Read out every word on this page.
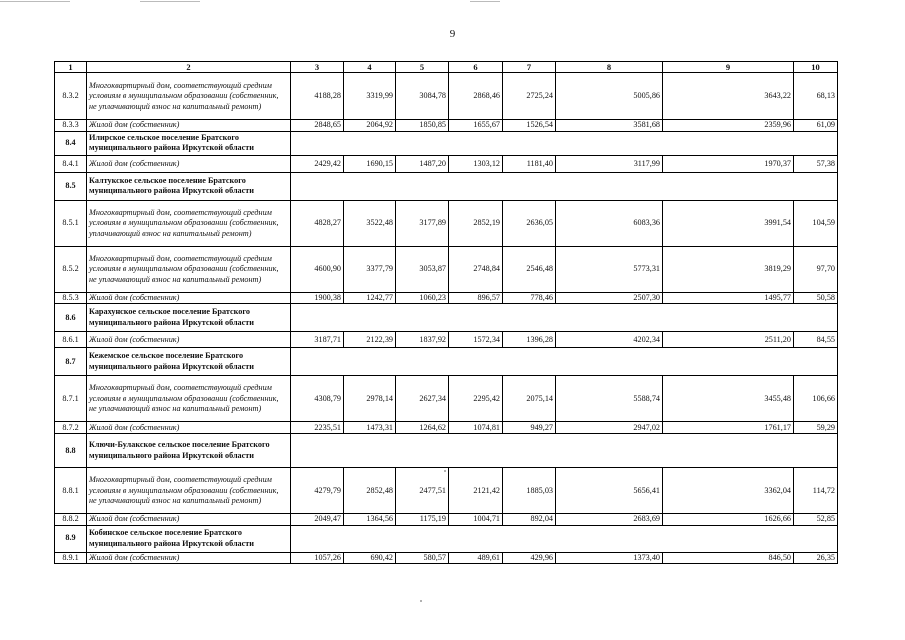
9
1	2	3	4	5	6	7	8	9	10
8.3.2	Многоквартирный дом, соответствующий средним условиям в муниципальном образовании (собственник, не уплачивающий взнос на капитальный ремонт)	4188,28	3319,99	3084,78	2868,46	2725,24	5005,86	3643,22	68,13
8.3.3	Жилой дом (собственник)	2848,65	2064,92	1850,85	1655,67	1526,54	3581,68	2359,96	61,09
8.4	Илирское сельское поселение Братского муниципального района Иркутской области								
8.4.1	Жилой дом (собственник)	2429,42	1690,15	1487,20	1303,12	1181,40	3117,99	1970,37	57,38
8.5	Калтукское сельское поселение Братского муниципального района Иркутской области								
8.5.1	Многоквартирный дом, соответствующий средним условиям в муниципальном образовании (собственник, уплачивающий взнос на капитальный ремонт)	4828,27	3522,48	3177,89	2852,19	2636,05	6083,36	3991,54	104,59
8.5.2	Многоквартирный дом, соответствующий средним условиям в муниципальном образовании (собственник, не уплачивающий взнос на капитальный ремонт)	4600,90	3377,79	3053,87	2748,84	2546,48	5773,31	3819,29	97,70
8.5.3	Жилой дом (собственник)	1900,38	1242,77	1060,23	896,57	778,46	2507,30	1495,77	50,58
8.6	Карахунское сельское поселение Братского муниципального района Иркутской области								
8.6.1	Жилой дом (собственник)	3187,71	2122,39	1837,92	1572,34	1396,28	4202,34	2511,20	84,55
8.7	Кежемское сельское поселение Братского муниципального района Иркутской области								
8.7.1	Многоквартирный дом, соответствующий средним условиям в муниципальном образовании (собственник, не уплачивающий взнос на капитальный ремонт)	4308,79	2978,14	2627,34	2295,42	2075,14	5588,74	3455,48	106,66
8.7.2	Жилой дом (собственник)	2235,51	1473,31	1264,62	1074,81	949,27	2947,02	1761,17	59,29
8.8	Ключи-Булакское сельское поселение Братского муниципального района Иркутской области								
8.8.1	Многоквартирный дом, соответствующий средним условиям в муниципальном образовании (собственник, не уплачивающий взнос на капитальный ремонт)	4279,79	2852,48	2477,51	2121,42	1885,03	5656,41	3362,04	114,72
8.8.2	Жилой дом (собственник)	2049,47	1364,56	1175,19	1004,71	892,04	2683,69	1626,66	52,85
8.9	Кобинское сельское поселение Братского муниципального района Иркутской области								
8.9.1	Жилой дом (собственник)	1057,26	690,42	580,57	489,61	429,96	1373,40	846,50	26,35
